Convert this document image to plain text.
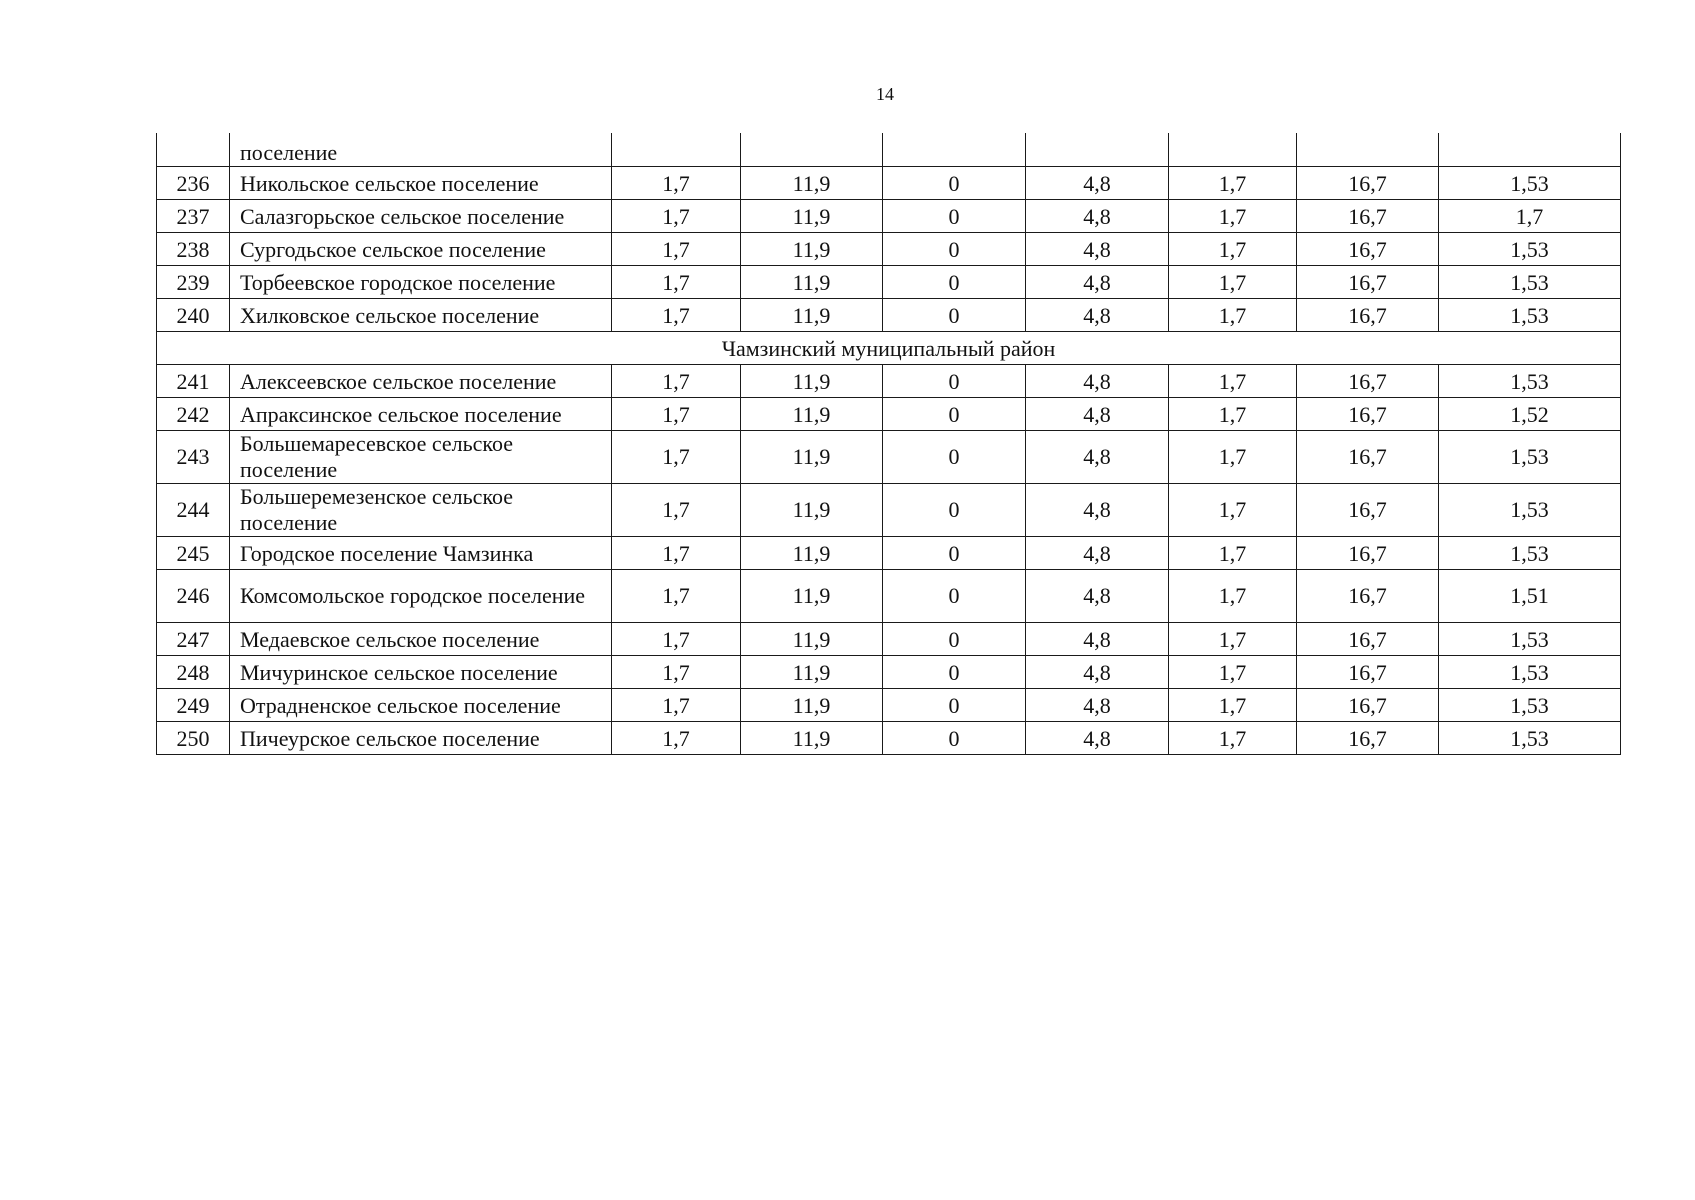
14
	поселение							
236	Никольское сельское поселение	1,7	11,9	0	4,8	1,7	16,7	1,53
237	Салазгорьское сельское поселение	1,7	11,9	0	4,8	1,7	16,7	1,7
238	Сургодьское сельское поселение	1,7	11,9	0	4,8	1,7	16,7	1,53
239	Торбеевское городское поселение	1,7	11,9	0	4,8	1,7	16,7	1,53
240	Хилковское сельское поселение	1,7	11,9	0	4,8	1,7	16,7	1,53
Чамзинский муниципальный район								
241	Алексеевское сельское поселение	1,7	11,9	0	4,8	1,7	16,7	1,53
242	Апраксинское сельское поселение	1,7	11,9	0	4,8	1,7	16,7	1,52
243	Большемаресевское сельское поселение	1,7	11,9	0	4,8	1,7	16,7	1,53
244	Большеремезенское сельское поселение	1,7	11,9	0	4,8	1,7	16,7	1,53
245	Городское поселение Чамзинка	1,7	11,9	0	4,8	1,7	16,7	1,53
246	Комсомольское городское поселение	1,7	11,9	0	4,8	1,7	16,7	1,51
247	Медаевское сельское поселение	1,7	11,9	0	4,8	1,7	16,7	1,53
248	Мичуринское сельское поселение	1,7	11,9	0	4,8	1,7	16,7	1,53
249	Отрадненское сельское поселение	1,7	11,9	0	4,8	1,7	16,7	1,53
250	Пичеурское сельское поселение	1,7	11,9	0	4,8	1,7	16,7	1,53
